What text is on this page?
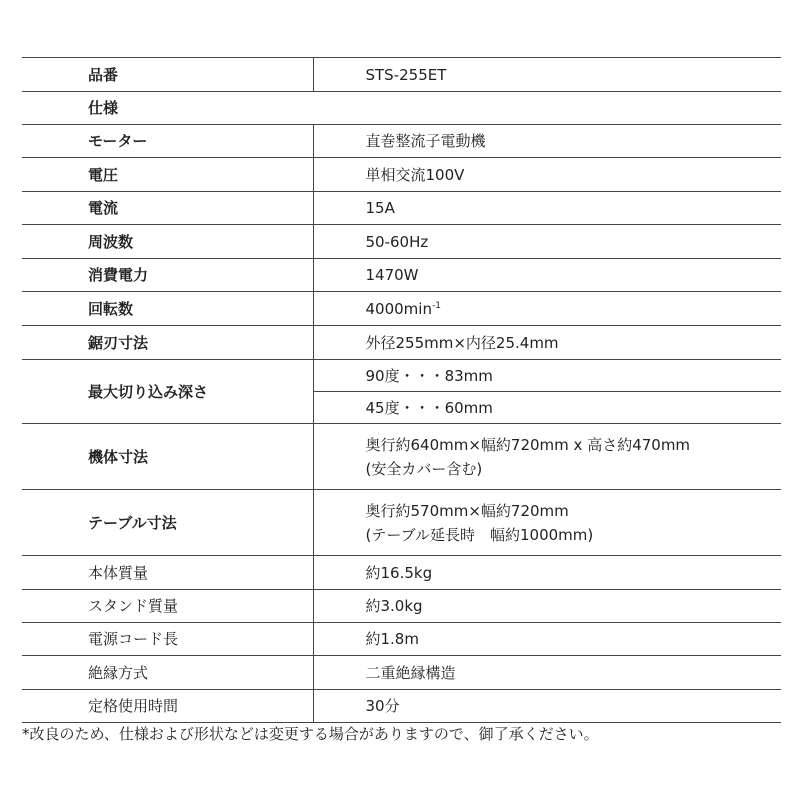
品番	STS-255ET
仕様	
モーター	直巻整流子電動機
電圧	単相交流100V
電流	15A
周波数	50-60Hz
消費電力	1470W
回転数	$4000\min^{-1}$
鋸刃寸法	外径255mm×内径25.4mm
最大切り込み深さ	90度・・・83mm
	45度・・・60mm
機体寸法	奥行約640mm×幅約720mm x 高さ約470mm
(安全カバー含む)

テーブル寸法	奥行約570mm×幅約720mm
(テーブル延長時　幅約1000mm)

本体質量	約16.5kg
スタンド質量	約3.0kg
電源コード長	約1.8m
絶縁方式	二重絶縁構造
定格使用時間	30分
*改良のため、仕様および形状などは変更する場合がありますので、御了承ください。
